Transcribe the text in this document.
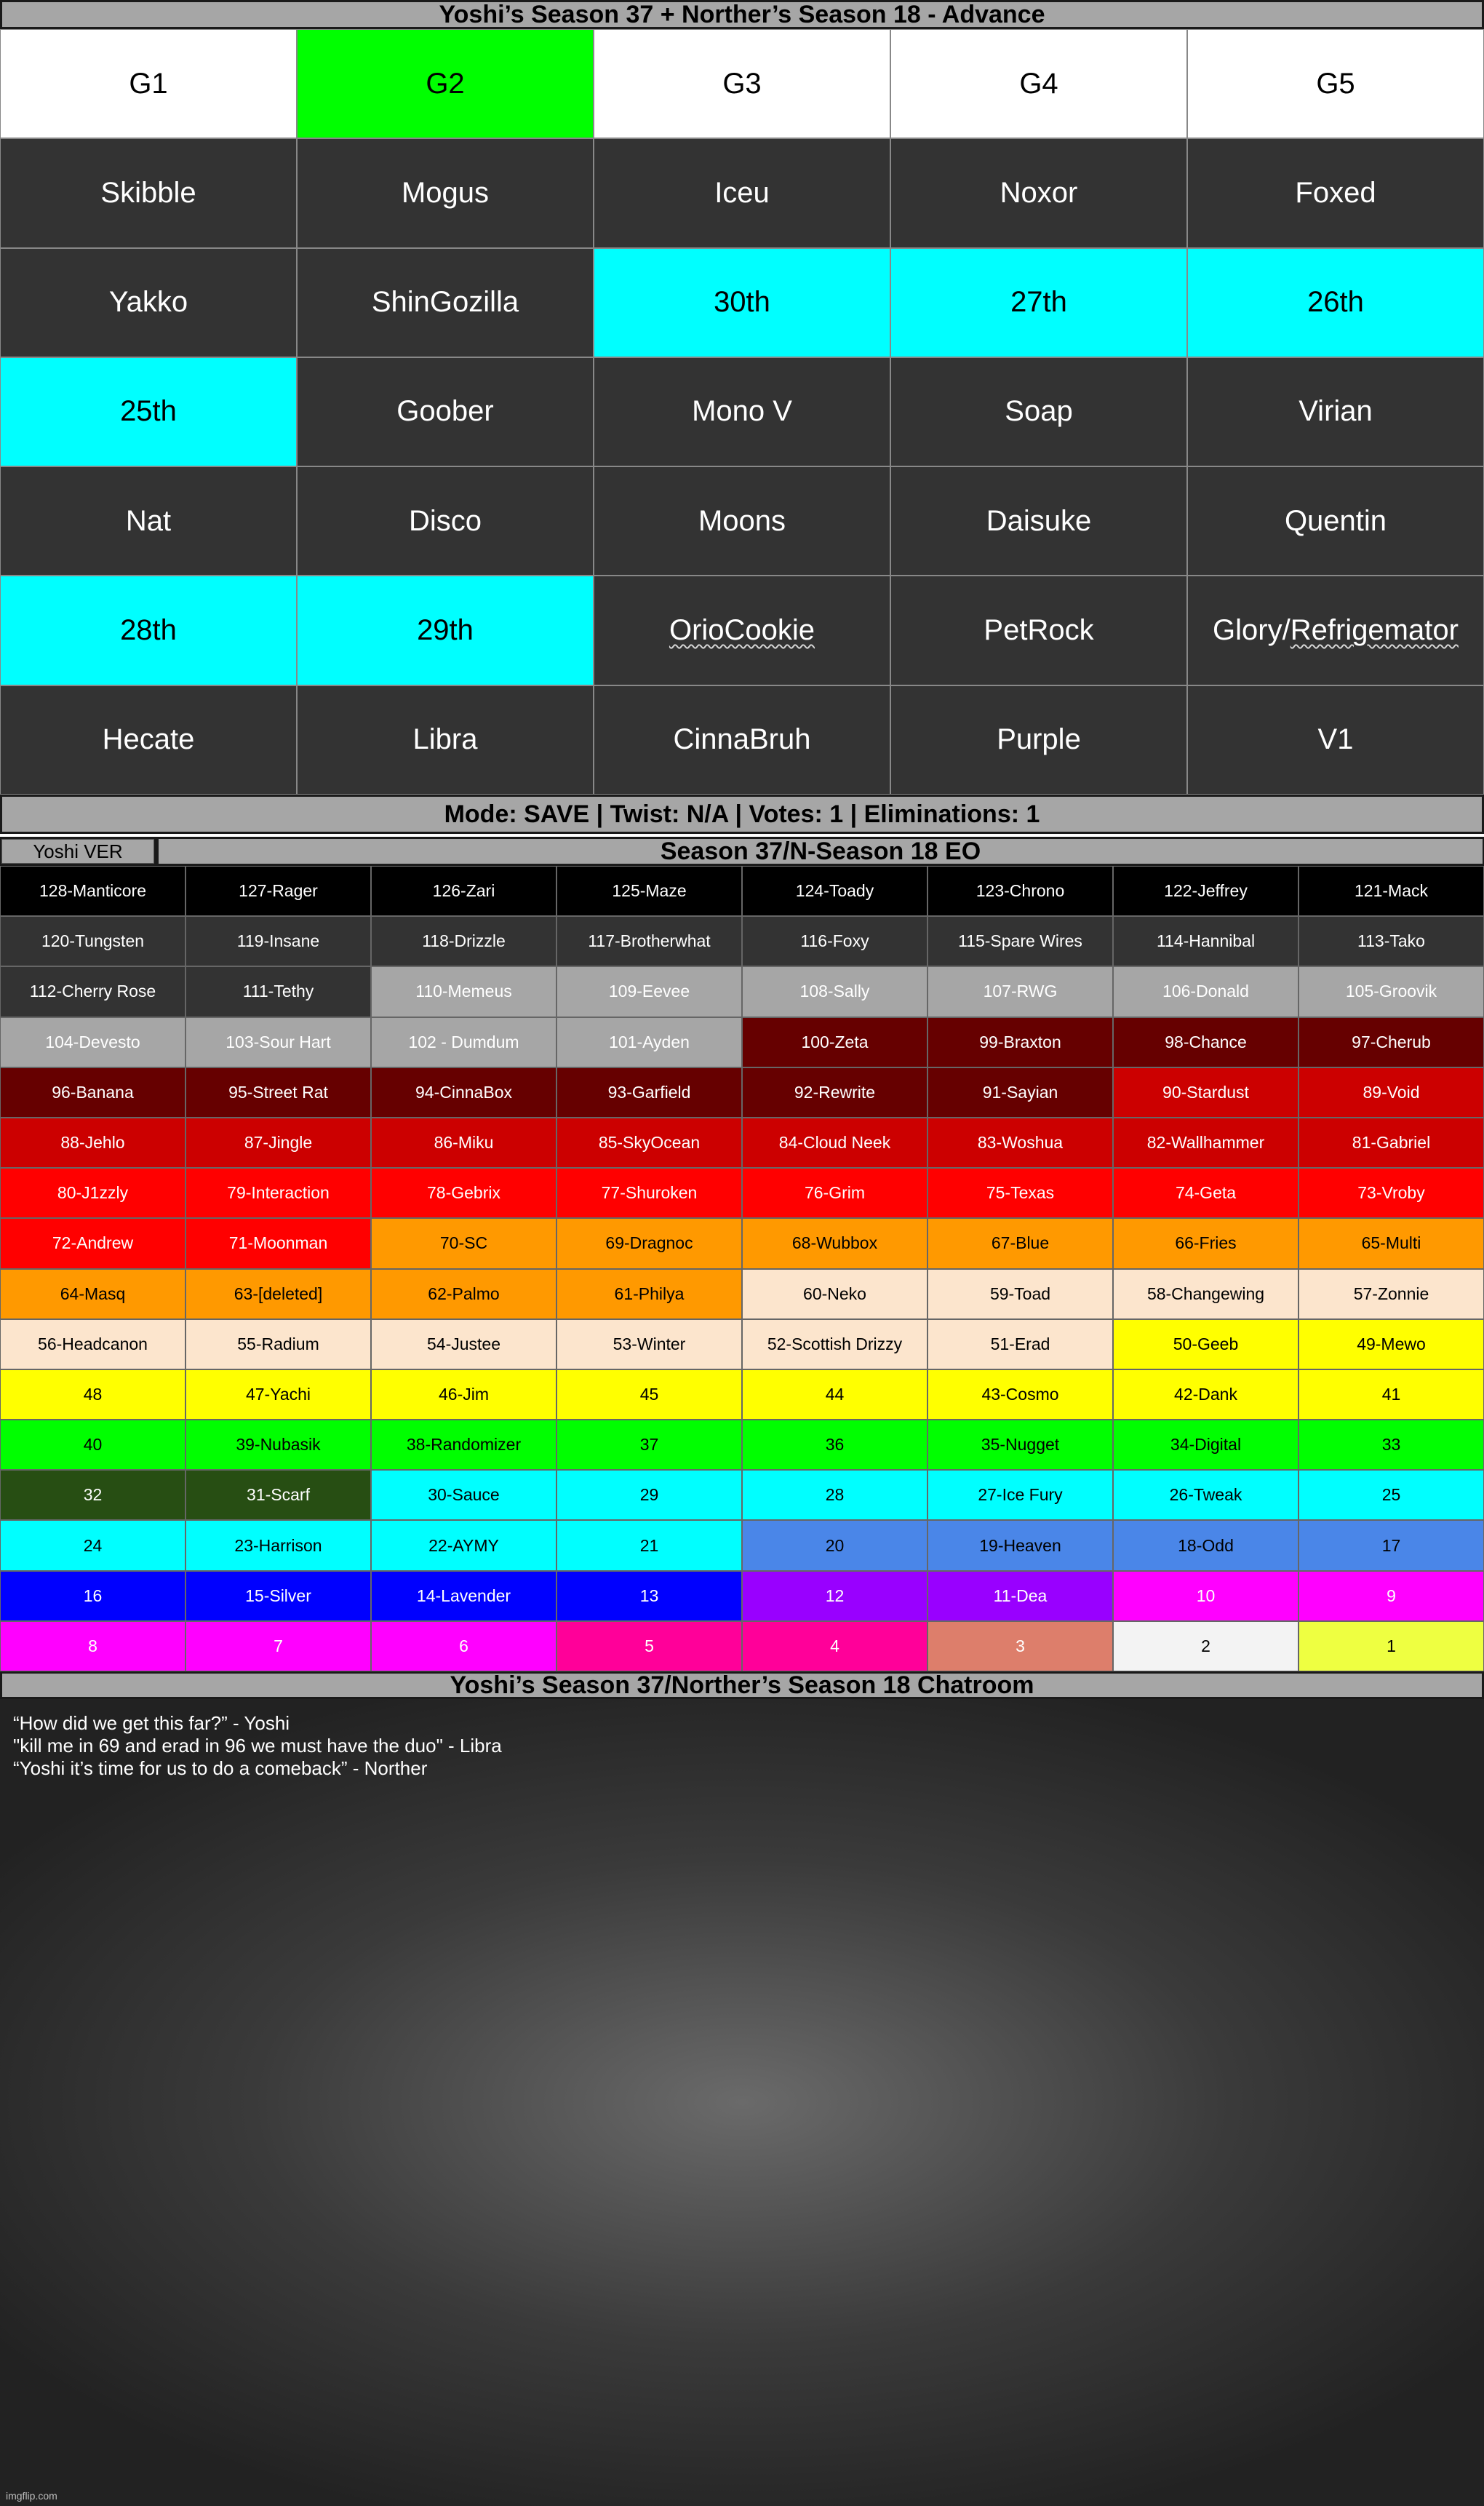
Yoshi’s Season 37 + Norther’s Season 18 - Advance
G1	G2	G3	G4	G5
Skibble	Mogus	Iceu	Noxor	Foxed
Yakko	ShinGozilla	30th	27th	26th
25th	Goober	Mono V	Soap	Virian
Nat	Disco	Moons	Daisuke	Quentin
28th	29th	OrioCookie	PetRock	Glory/Refrigemator
Hecate	Libra	CinnaBruh	Purple	V1
Mode: SAVE | Twist: N/A | Votes: 1 | Eliminations: 1
Yoshi VER	Season 37/N-Season 18 EO
128-Manticore	127-Rager	126-Zari	125-Maze	124-Toady	123-Chrono	122-Jeffrey	121-Mack
120-Tungsten	119-Insane	118-Drizzle	117-Brotherwhat	116-Foxy	115-Spare Wires	114-Hannibal	113-Tako
112-Cherry Rose	111-Tethy	110-Memeus	109-Eevee	108-Sally	107-RWG	106-Donald	105-Groovik
104-Devesto	103-Sour Hart	102 - Dumdum	101-Ayden	100-Zeta	99-Braxton	98-Chance	97-Cherub
96-Banana	95-Street Rat	94-CinnaBox	93-Garfield	92-Rewrite	91-Sayian	90-Stardust	89-Void
88-Jehlo	87-Jingle	86-Miku	85-SkyOcean	84-Cloud Neek	83-Woshua	82-Wallhammer	81-Gabriel
80-J1zzly	79-Interaction	78-Gebrix	77-Shuroken	76-Grim	75-Texas	74-Geta	73-Vroby
72-Andrew	71-Moonman	70-SC	69-Dragnoc	68-Wubbox	67-Blue	66-Fries	65-Multi
64-Masq	63-[deleted]	62-Palmo	61-Philya	60-Neko	59-Toad	58-Changewing	57-Zonnie
56-Headcanon	55-Radium	54-Justee	53-Winter	52-Scottish Drizzy	51-Erad	50-Geeb	49-Mewo
48	47-Yachi	46-Jim	45	44	43-Cosmo	42-Dank	41
40	39-Nubasik	38-Randomizer	37	36	35-Nugget	34-Digital	33
32	31-Scarf	30-Sauce	29	28	27-Ice Fury	26-Tweak	25
24	23-Harrison	22-AYMY	21	20	19-Heaven	18-Odd	17
16	15-Silver	14-Lavender	13	12	11-Dea	10	9
8	7	6	5	4	3	2	1
Yoshi’s Season 37/Norther’s Season 18 Chatroom
“How did we get this far?” - Yoshi
"kill me in 69 and erad in 96 we must have the duo" - Libra
“Yoshi it’s time for us to do a comeback” - Norther
imgflip.com
